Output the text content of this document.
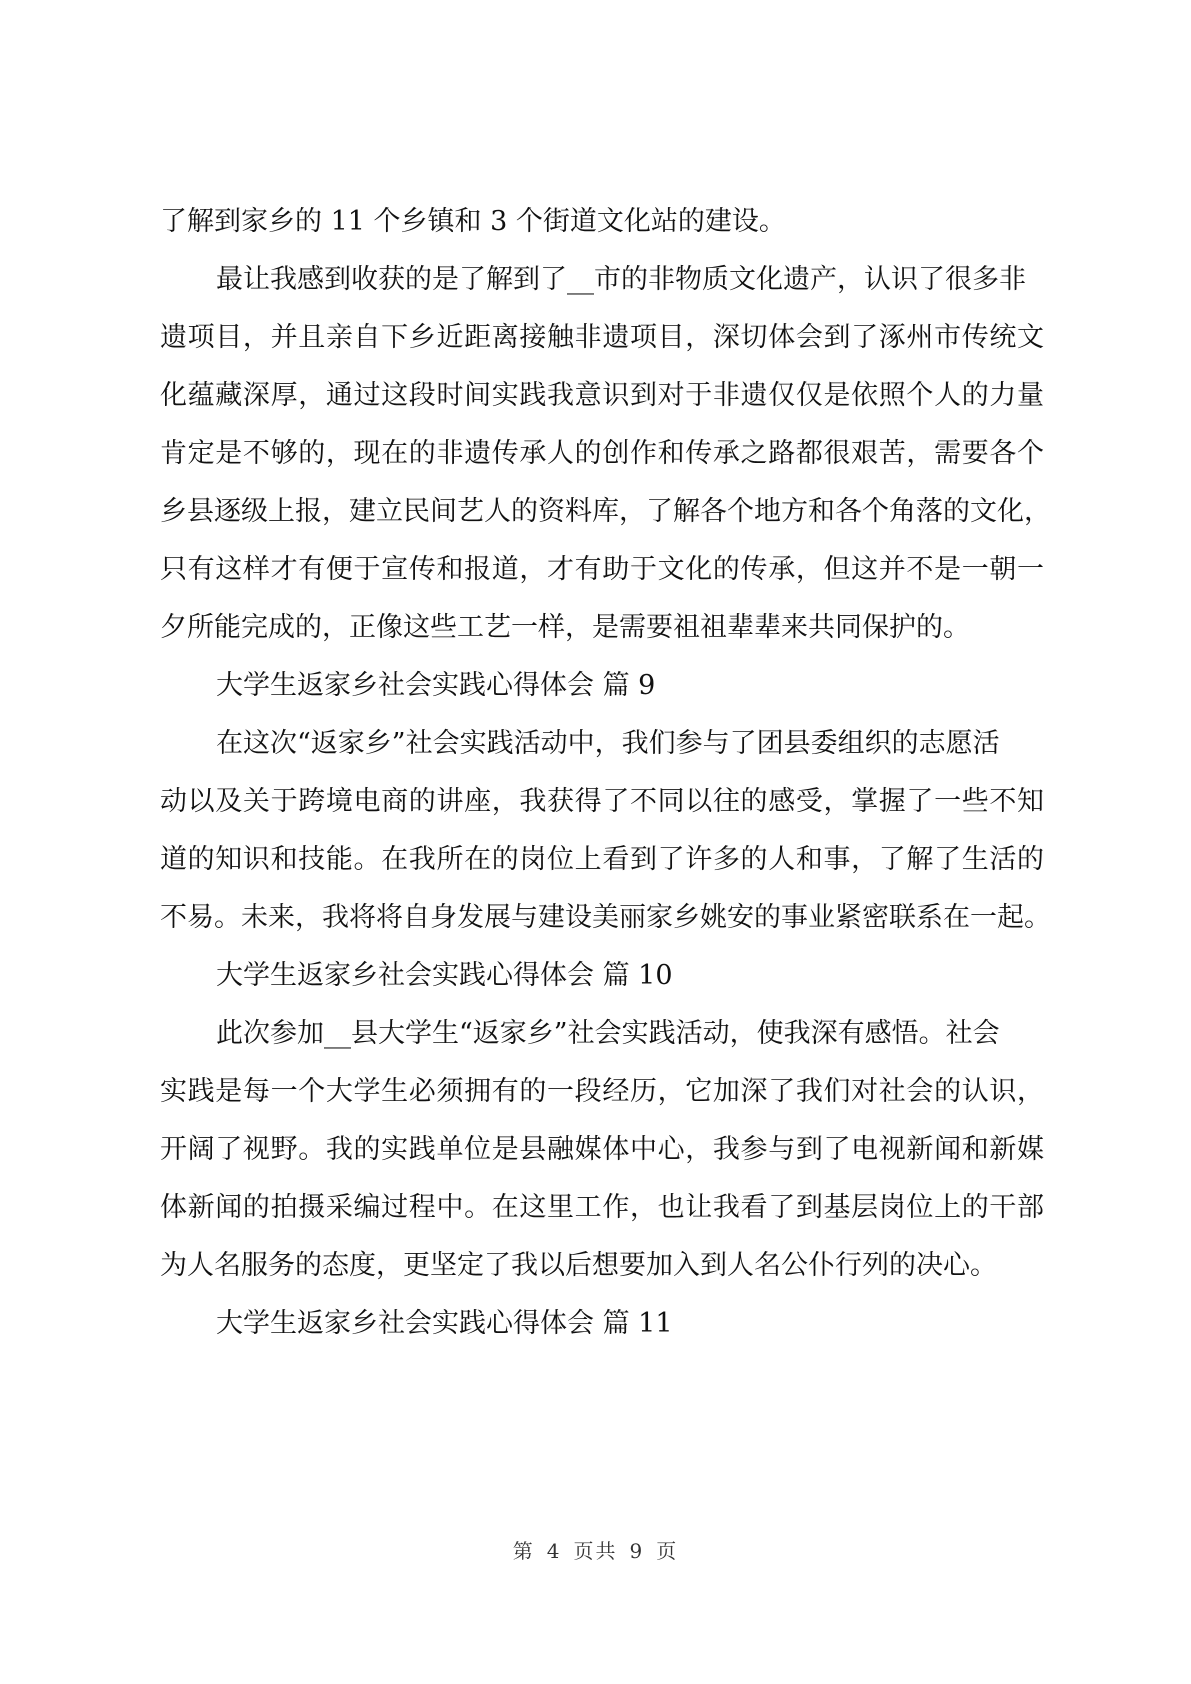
了解到家乡的 11 个乡镇和 3 个街道文化站的建设。
最让我感到收获的是了解到了__市的非物质文化遗产，认识了很多非
遗项目，并且亲自下乡近距离接触非遗项目，深切体会到了涿州市传统文
化蕴藏深厚，通过这段时间实践我意识到对于非遗仅仅是依照个人的力量
肯定是不够的，现在的非遗传承人的创作和传承之路都很艰苦，需要各个
乡县逐级上报，建立民间艺人的资料库，了解各个地方和各个角落的文化，
只有这样才有便于宣传和报道，才有助于文化的传承，但这并不是一朝一
夕所能完成的，正像这些工艺一样，是需要祖祖辈辈来共同保护的。
大学生返家乡社会实践心得体会 篇 9
在这次“返家乡”社会实践活动中，我们参与了团县委组织的志愿活
动以及关于跨境电商的讲座，我获得了不同以往的感受，掌握了一些不知
道的知识和技能。在我所在的岗位上看到了许多的人和事，了解了生活的
不易。未来，我将将自身发展与建设美丽家乡姚安的事业紧密联系在一起。
大学生返家乡社会实践心得体会 篇 10
此次参加__县大学生“返家乡”社会实践活动，使我深有感悟。社会
实践是每一个大学生必须拥有的一段经历，它加深了我们对社会的认识，
开阔了视野。我的实践单位是县融媒体中心，我参与到了电视新闻和新媒
体新闻的拍摄采编过程中。在这里工作，也让我看了到基层岗位上的干部
为人名服务的态度，更坚定了我以后想要加入到人名公仆行列的决心。
大学生返家乡社会实践心得体会 篇 11
第 4 页共 9 页
